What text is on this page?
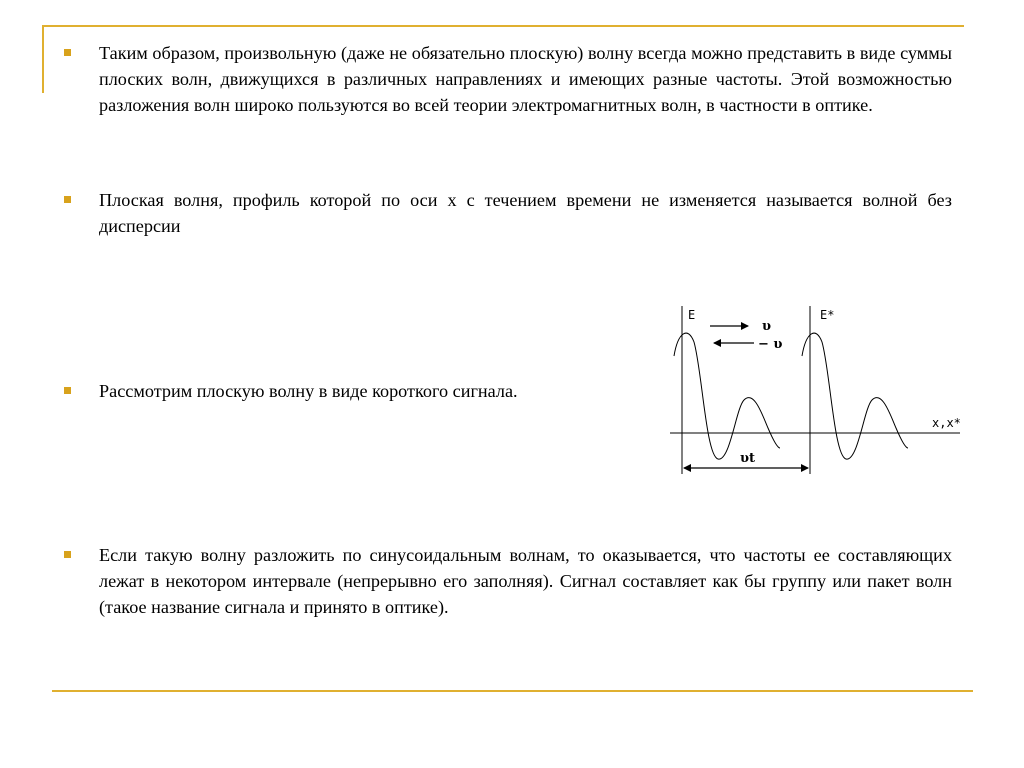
Таким образом, произвольную (даже не обязательно плоскую) волну всегда можно представить в виде суммы плоских волн, движущихся в различных направлениях и имеющих разные частоты. Этой возможностью разложения волн широко пользуются во всей теории электромагнитных волн, в частности в оптике.
Плоская волня, профиль которой по оси x с течением времени не изменяется называется волной без дисперсии
Рассмотрим плоскую волну в виде короткого сигнала.
Если такую волну разложить по синусоидальным волнам, то оказывается, что частоты ее составляющих лежат в некотором интервале (непрерывно его заполняя). Сигнал составляет как бы группу или пакет волн (такое название сигнала и принято в оптике).
E	E*
υ
− υ
x,x*
υt
